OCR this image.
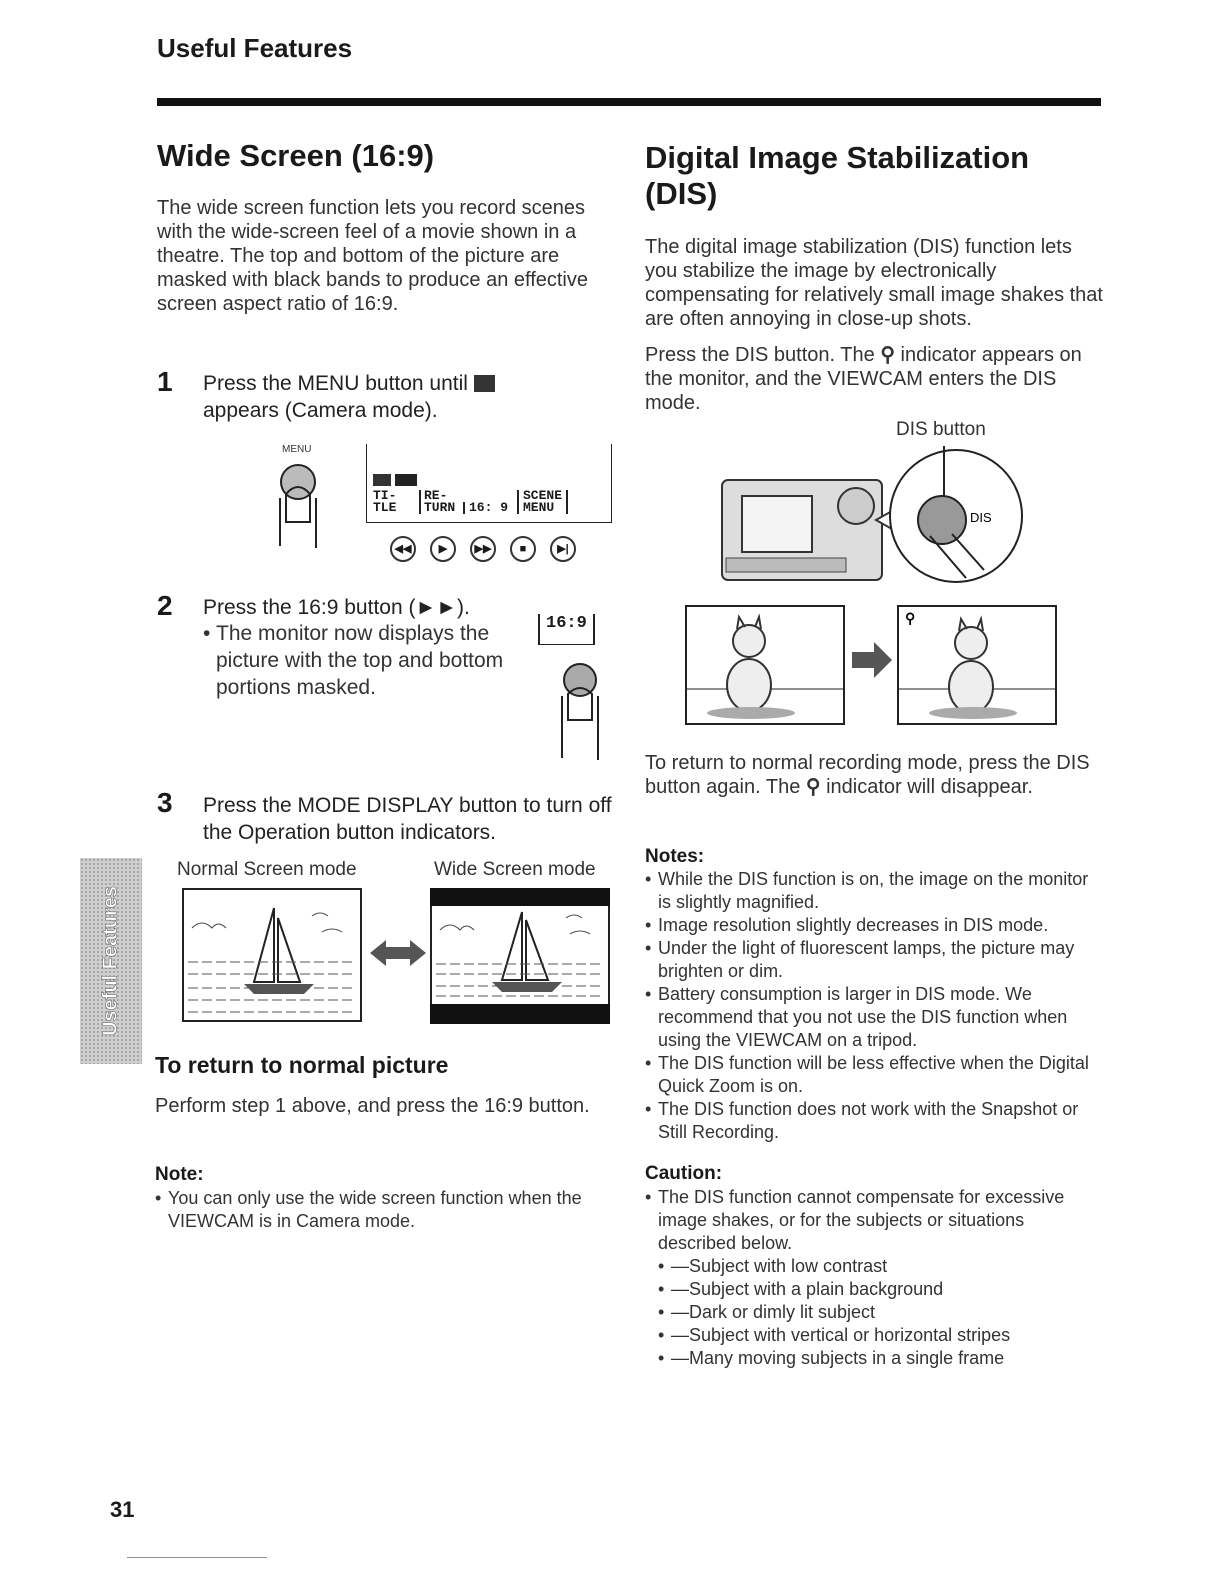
Useful Features
Wide Screen (16:9)

The wide screen function lets you record scenes with the wide-screen feel of a movie shown in a theatre. The top and bottom of the picture are masked with black bands to produce an effective screen aspect ratio of 16:9.

1 Press the MENU button until
appears (Camera mode).
MENU
TI-
TLE
RE-
TURN	16: 9
SCENE
MENU
◀◀ ▶ ▶▶	■	▶|
2 Press the 16:9 button (►►).
• The monitor now displays the picture with the top and bottom portions masked.
16:9
3 Press the MODE DISPLAY button to turn off the Operation button indicators.
Useful Features
Normal Screen mode	Wide Screen mode
To return to normal picture

Perform step 1 above, and press the 16:9 button.

Note:
• You can only use the wide screen function when the VIEWCAM is in Camera mode.
Digital Image Stabilization
(DIS)

The digital image stabilization (DIS) function lets you stabilize the image by electronically compensating for relatively small image shakes that are often annoying in close-up shots.

Press the DIS button. The ⚲ indicator appears on the monitor, and the VIEWCAM enters the DIS mode.

DIS button
DIS
⚲

To return to normal recording mode, press the DIS button again. The ⚲ indicator will disappear.

Notes:
• While the DIS function is on, the image on the monitor is slightly magnified.
• Image resolution slightly decreases in DIS mode.
• Under the light of fluorescent lamps, the picture may brighten or dim.
• Battery consumption is larger in DIS mode. We recommend that you not use the DIS function when using the VIEWCAM on a tripod.
• The DIS function will be less effective when the Digital Quick Zoom is on.
• The DIS function does not work with the Snapshot or Still Recording.
Caution:
• The DIS function cannot compensate for excessive image shakes, or for the subjects or situations described below.
• —Subject with low contrast
• —Subject with a plain background
• —Dark or dimly lit subject
• —Subject with vertical or horizontal stripes
• —Many moving subjects in a single frame
31
